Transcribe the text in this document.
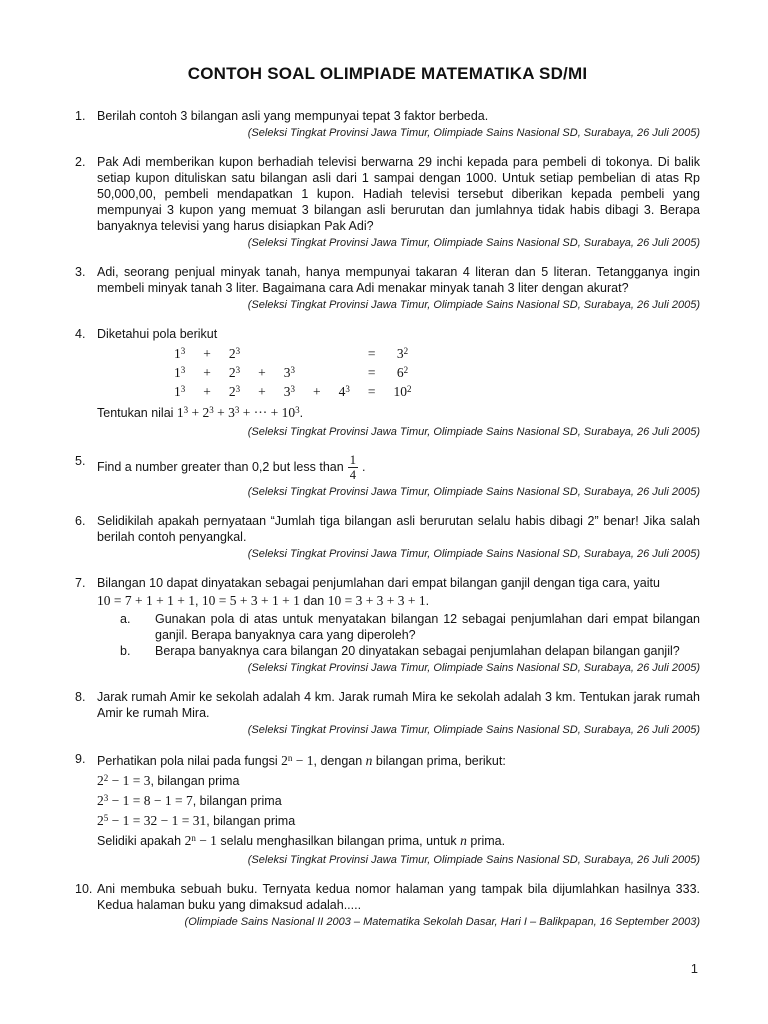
CONTOH SOAL OLIMPIADE MATEMATIKA SD/MI
1. Berilah contoh 3 bilangan asli yang mempunyai tepat 3 faktor berbeda.
(Seleksi Tingkat Provinsi Jawa Timur, Olimpiade Sains Nasional SD, Surabaya, 26 Juli 2005)
2. Pak Adi memberikan kupon berhadiah televisi berwarna 29 inchi kepada para pembeli di tokonya. Di balik setiap kupon dituliskan satu bilangan asli dari 1 sampai dengan 1000. Untuk setiap pembelian di atas Rp 50,000,00, pembeli mendapatkan 1 kupon. Hadiah televisi tersebut diberikan kepada pembeli yang mempunyai 3 kupon yang memuat 3 bilangan asli berurutan dan jumlahnya tidak habis dibagi 3. Berapa banyaknya televisi yang harus disiapkan Pak Adi?
(Seleksi Tingkat Provinsi Jawa Timur, Olimpiade Sains Nasional SD, Surabaya, 26 Juli 2005)
3. Adi, seorang penjual minyak tanah, hanya mempunyai takaran 4 literan dan 5 literan. Tetangganya ingin membeli minyak tanah 3 liter. Bagaimana cara Adi menakar minyak tanah 3 liter dengan akurat?
(Seleksi Tingkat Provinsi Jawa Timur, Olimpiade Sains Nasional SD, Surabaya, 26 Juli 2005)
4. Diketahui pola berikut
$1^3$	+	$2^3$					=	$3^2$
$1^3$	+	$2^3$	+	$3^3$			=	$6^2$
$1^3$	+	$2^3$	+	$3^3$	+	$4^3$	=	$10^2$
Tentukan nilai $1^3 + 2^3 + 3^3$ + ··· + $10^3$.
(Seleksi Tingkat Provinsi Jawa Timur, Olimpiade Sains Nasional SD, Surabaya, 26 Juli 2005)
5. Find a number greater than 0,2 but less than $\frac{1}{4}$ .
(Seleksi Tingkat Provinsi Jawa Timur, Olimpiade Sains Nasional SD, Surabaya, 26 Juli 2005)
6. Selidikilah apakah pernyataan “Jumlah tiga bilangan asli berurutan selalu habis dibagi 2” benar! Jika salah berilah contoh penyangkal.
(Seleksi Tingkat Provinsi Jawa Timur, Olimpiade Sains Nasional SD, Surabaya, 26 Juli 2005)
7. Bilangan 10 dapat dinyatakan sebagai penjumlahan dari empat bilangan ganjil dengan tiga cara, yaitu
10 = 7 + 1 + 1 + 1, 10 = 5 + 3 + 1 + 1 dan 10 = 3 + 3 + 3 + 1.
a.	Gunakan pola di atas untuk menyatakan bilangan 12 sebagai penjumlahan dari empat bilangan ganjil. Berapa banyaknya cara yang diperoleh?
b.	Berapa banyaknya cara bilangan 20 dinyatakan sebagai penjumlahan delapan bilangan ganjil?
(Seleksi Tingkat Provinsi Jawa Timur, Olimpiade Sains Nasional SD, Surabaya, 26 Juli 2005)
8. Jarak rumah Amir ke sekolah adalah 4 km. Jarak rumah Mira ke sekolah adalah 3 km. Tentukan jarak rumah Amir ke rumah Mira.
(Seleksi Tingkat Provinsi Jawa Timur, Olimpiade Sains Nasional SD, Surabaya, 26 Juli 2005)
9. Perhatikan pola nilai pada fungsi $2^n - 1$, dengan n bilangan prima, berikut:
$2^2 - 1 = 3$, bilangan prima
$2^3 - 1 = 8 - 1 = 7$, bilangan prima
$2^5 - 1 = 32 - 1 = 31$, bilangan prima
Selidiki apakah $2^n - 1$ selalu menghasilkan bilangan prima, untuk n prima.
(Seleksi Tingkat Provinsi Jawa Timur, Olimpiade Sains Nasional SD, Surabaya, 26 Juli 2005)
10. Ani membuka sebuah buku. Ternyata kedua nomor halaman yang tampak bila dijumlahkan hasilnya 333. Kedua halaman buku yang dimaksud adalah.....
(Olimpiade Sains Nasional II 2003 – Matematika Sekolah Dasar, Hari I – Balikpapan, 16 September 2003)
1
